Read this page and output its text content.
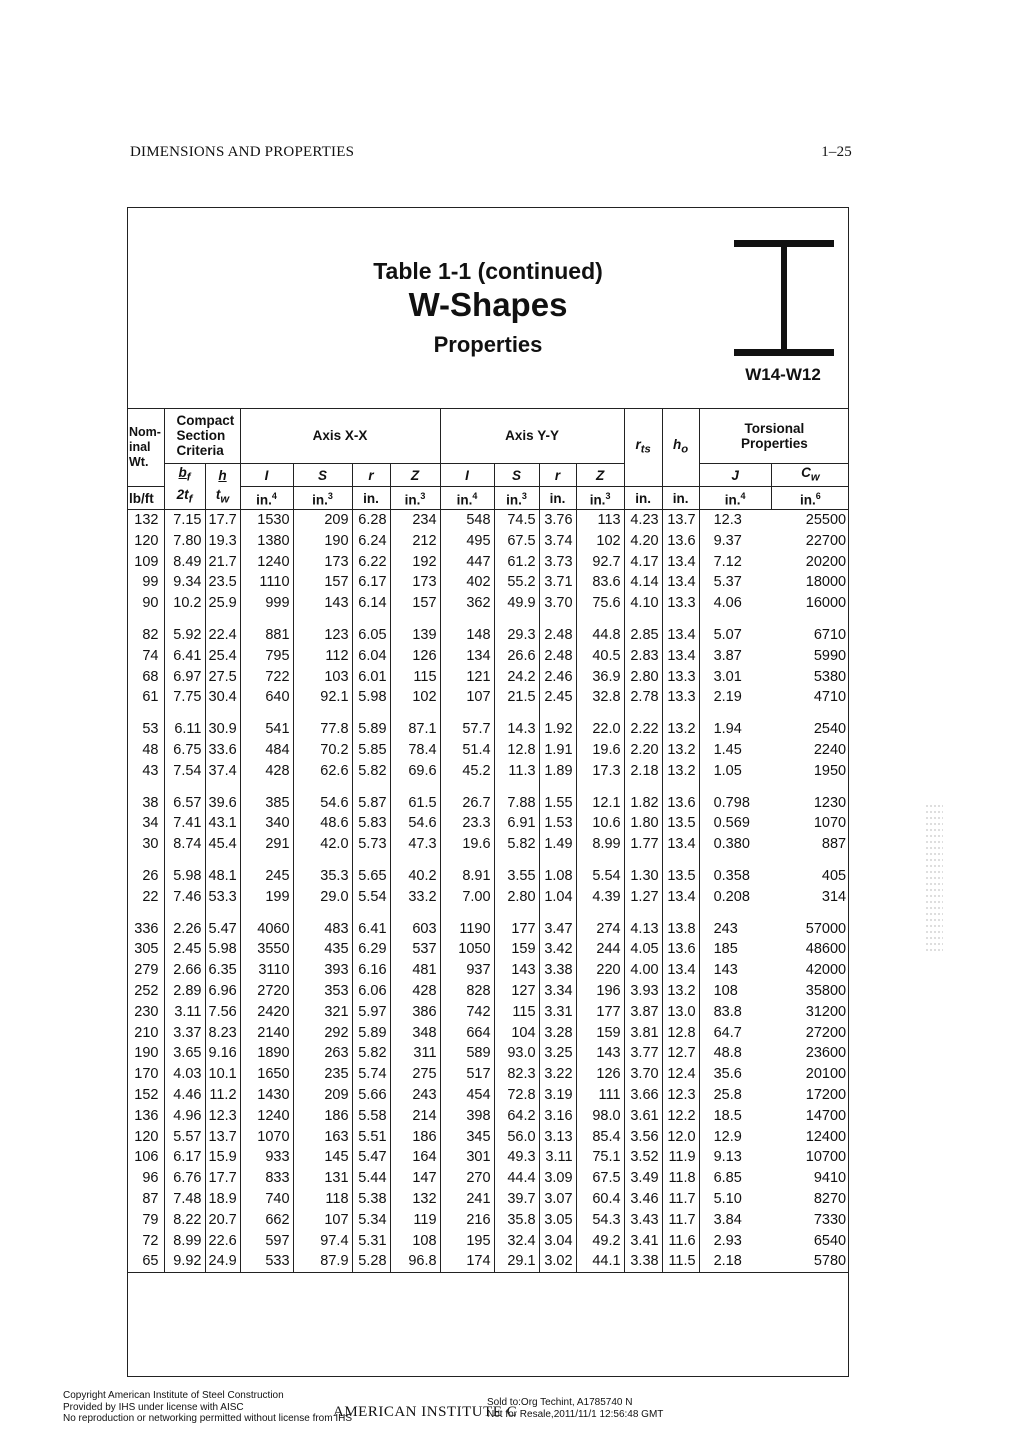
DIMENSIONS AND PROPERTIES	1–25
Table 1-1 (continued)
W-Shapes
Properties
W14-W12
Nom-
inal
Wt.	Compact
Section
Criteria		Axis X-X				Axis Y-Y				$r_{ts}$	$h_o$	Torsional
Properties	

	$b_f$	h	I	S	r	Z	I	S	r	Z			J	$C_w$
lb/ft	$2t_f$	$t_w$	in.$^4$	in.$^3$	in.	in.$^3$	in.$^4$	in.$^3$	in.	in.$^3$	in.	in.	in.$^4$	in.$^6$
132	7.15	17.7	1530	209	6.28	234	548	74.5	3.76	113	4.23	13.7	12.3	25500
120	7.80	19.3	1380	190	6.24	212	495	67.5	3.74	102	4.20	13.6	9.37	22700
109	8.49	21.7	1240	173	6.22	192	447	61.2	3.73	92.7	4.17	13.4	7.12	20200
99	9.34	23.5	1110	157	6.17	173	402	55.2	3.71	83.6	4.14	13.4	5.37	18000
90	10.2	25.9	999	143	6.14	157	362	49.9	3.70	75.6	4.10	13.3	4.06	16000

82	5.92	22.4	881	123	6.05	139	148	29.3	2.48	44.8	2.85	13.4	5.07	6710
74	6.41	25.4	795	112	6.04	126	134	26.6	2.48	40.5	2.83	13.4	3.87	5990
68	6.97	27.5	722	103	6.01	115	121	24.2	2.46	36.9	2.80	13.3	3.01	5380
61	7.75	30.4	640	92.1	5.98	102	107	21.5	2.45	32.8	2.78	13.3	2.19	4710

53	6.11	30.9	541	77.8	5.89	87.1	57.7	14.3	1.92	22.0	2.22	13.2	1.94	2540
48	6.75	33.6	484	70.2	5.85	78.4	51.4	12.8	1.91	19.6	2.20	13.2	1.45	2240
43	7.54	37.4	428	62.6	5.82	69.6	45.2	11.3	1.89	17.3	2.18	13.2	1.05	1950

38	6.57	39.6	385	54.6	5.87	61.5	26.7	7.88	1.55	12.1	1.82	13.6	0.798	1230
34	7.41	43.1	340	48.6	5.83	54.6	23.3	6.91	1.53	10.6	1.80	13.5	0.569	1070
30	8.74	45.4	291	42.0	5.73	47.3	19.6	5.82	1.49	8.99	1.77	13.4	0.380	887

26	5.98	48.1	245	35.3	5.65	40.2	8.91	3.55	1.08	5.54	1.30	13.5	0.358	405
22	7.46	53.3	199	29.0	5.54	33.2	7.00	2.80	1.04	4.39	1.27	13.4	0.208	314

336	2.26	5.47	4060	483	6.41	603	1190	177	3.47	274	4.13	13.8	243	57000
305	2.45	5.98	3550	435	6.29	537	1050	159	3.42	244	4.05	13.6	185	48600
279	2.66	6.35	3110	393	6.16	481	937	143	3.38	220	4.00	13.4	143	42000
252	2.89	6.96	2720	353	6.06	428	828	127	3.34	196	3.93	13.2	108	35800
230	3.11	7.56	2420	321	5.97	386	742	115	3.31	177	3.87	13.0	83.8	31200
210	3.37	8.23	2140	292	5.89	348	664	104	3.28	159	3.81	12.8	64.7	27200
190	3.65	9.16	1890	263	5.82	311	589	93.0	3.25	143	3.77	12.7	48.8	23600
170	4.03	10.1	1650	235	5.74	275	517	82.3	3.22	126	3.70	12.4	35.6	20100
152	4.46	11.2	1430	209	5.66	243	454	72.8	3.19	111	3.66	12.3	25.8	17200
136	4.96	12.3	1240	186	5.58	214	398	64.2	3.16	98.0	3.61	12.2	18.5	14700
120	5.57	13.7	1070	163	5.51	186	345	56.0	3.13	85.4	3.56	12.0	12.9	12400
106	6.17	15.9	933	145	5.47	164	301	49.3	3.11	75.1	3.52	11.9	9.13	10700
96	6.76	17.7	833	131	5.44	147	270	44.4	3.09	67.5	3.49	11.8	6.85	9410
87	7.48	18.9	740	118	5.38	132	241	39.7	3.07	60.4	3.46	11.7	5.10	8270
79	8.22	20.7	662	107	5.34	119	216	35.8	3.05	54.3	3.43	11.7	3.84	7330
72	8.99	22.6	597	97.4	5.31	108	195	32.4	3.04	49.2	3.41	11.6	2.93	6540
65	9.92	24.9	533	87.9	5.28	96.8	174	29.1	3.02	44.1	3.38	11.5	2.18	5780

Copyright American Institute of Steel Construction
Provided by IHS under license with AISC
No reproduction or networking permitted without license from IHS
AMERICAN INSTITUTE C
Sold to:Org Techint, A1785740 N
Not for Resale,2011/11/1 12:56:48 GMT
